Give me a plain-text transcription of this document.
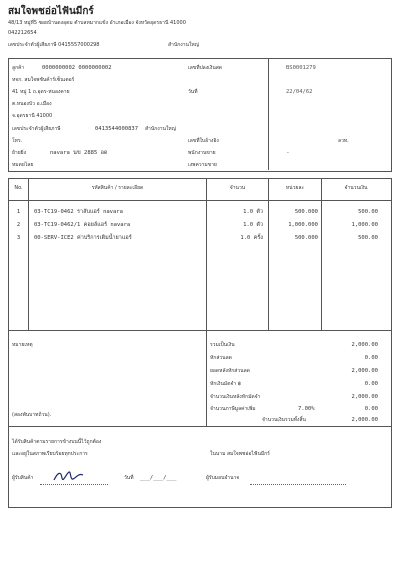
สมใจพชอ่อไฟันมีกร์
48/13 หมู่ที่5 ซอยบ้านดงอุดม ตำบลหมากแข้ง อำเภอเมือง จังหวัดอุดรธานี 41000
042212654
เลขประจำตัวผู้เสียภาษี 0415557000298	สำนักงานใหญ่
ลูกค้า	0000000002 0000000002
หจก. สมใจพชันค้าร์เซ็นเตอร์
41 หมู่ 1 ถ.อุดร-หนองคาย
ต.หนองบัว อ.เมือง
จ.อุดรธานี 41000
เลขประจำตัวผู้เสียภาษี	0413544000837 สำนักงานใหญ่
โทร.
ย้ายยิ่ง	navara นข 2885 อด
หมดยไลย
เลขที่ปลงเงินสด	BS0001279
วันที่	22/04/62
เลขที่ใบอ้างอิง	ลวท.
พนักงานขาย	-
เงพความขาย
No.	รหัสสินค้า / รายละเอียด	จำนวน	หน่วยละ	จำนวนเงิน
1	03-TC19-0462 ราลับแอร์ navara	1.0 ตัว	500.000	500.00
2	03-TC19-0462/1 คอยล์แอร์ navara	1.0 ตัว	1,000.000	1,000.00
3	00-SERV-ICE2 ค่าบริการเติมน้ำยาแอร์	1.0 ครั้ง	500.000	500.00
หมายเหตุ
(สองพันบาทถ้วน).
รวมเป็นเงิน	2,000.00
หักส่วนลด	0.00
ยอดหลังหักส่วนลด	2,000.00
หักเงินมัดจำ ฿	0.00
จำนวนเงินหลังหักมัดจำ	2,000.00
จำนวนภาษีมูลค่าเพิ่ม	7.00%	0.00
จำนวนเงินรวมทั้งสิ้น	2,000.00
ได้รับสินค้าตามรายการข้างบนนี้ไว้ถูกต้อง
และอยู่ในสภาพเรียบร้อยทุกประการ	ในนาม สมใจพชอ่อไฟันมีกร์
ผู้รับสินค้า	วันที่ ___/___/___	ผู้รับมอบอำนาจ
